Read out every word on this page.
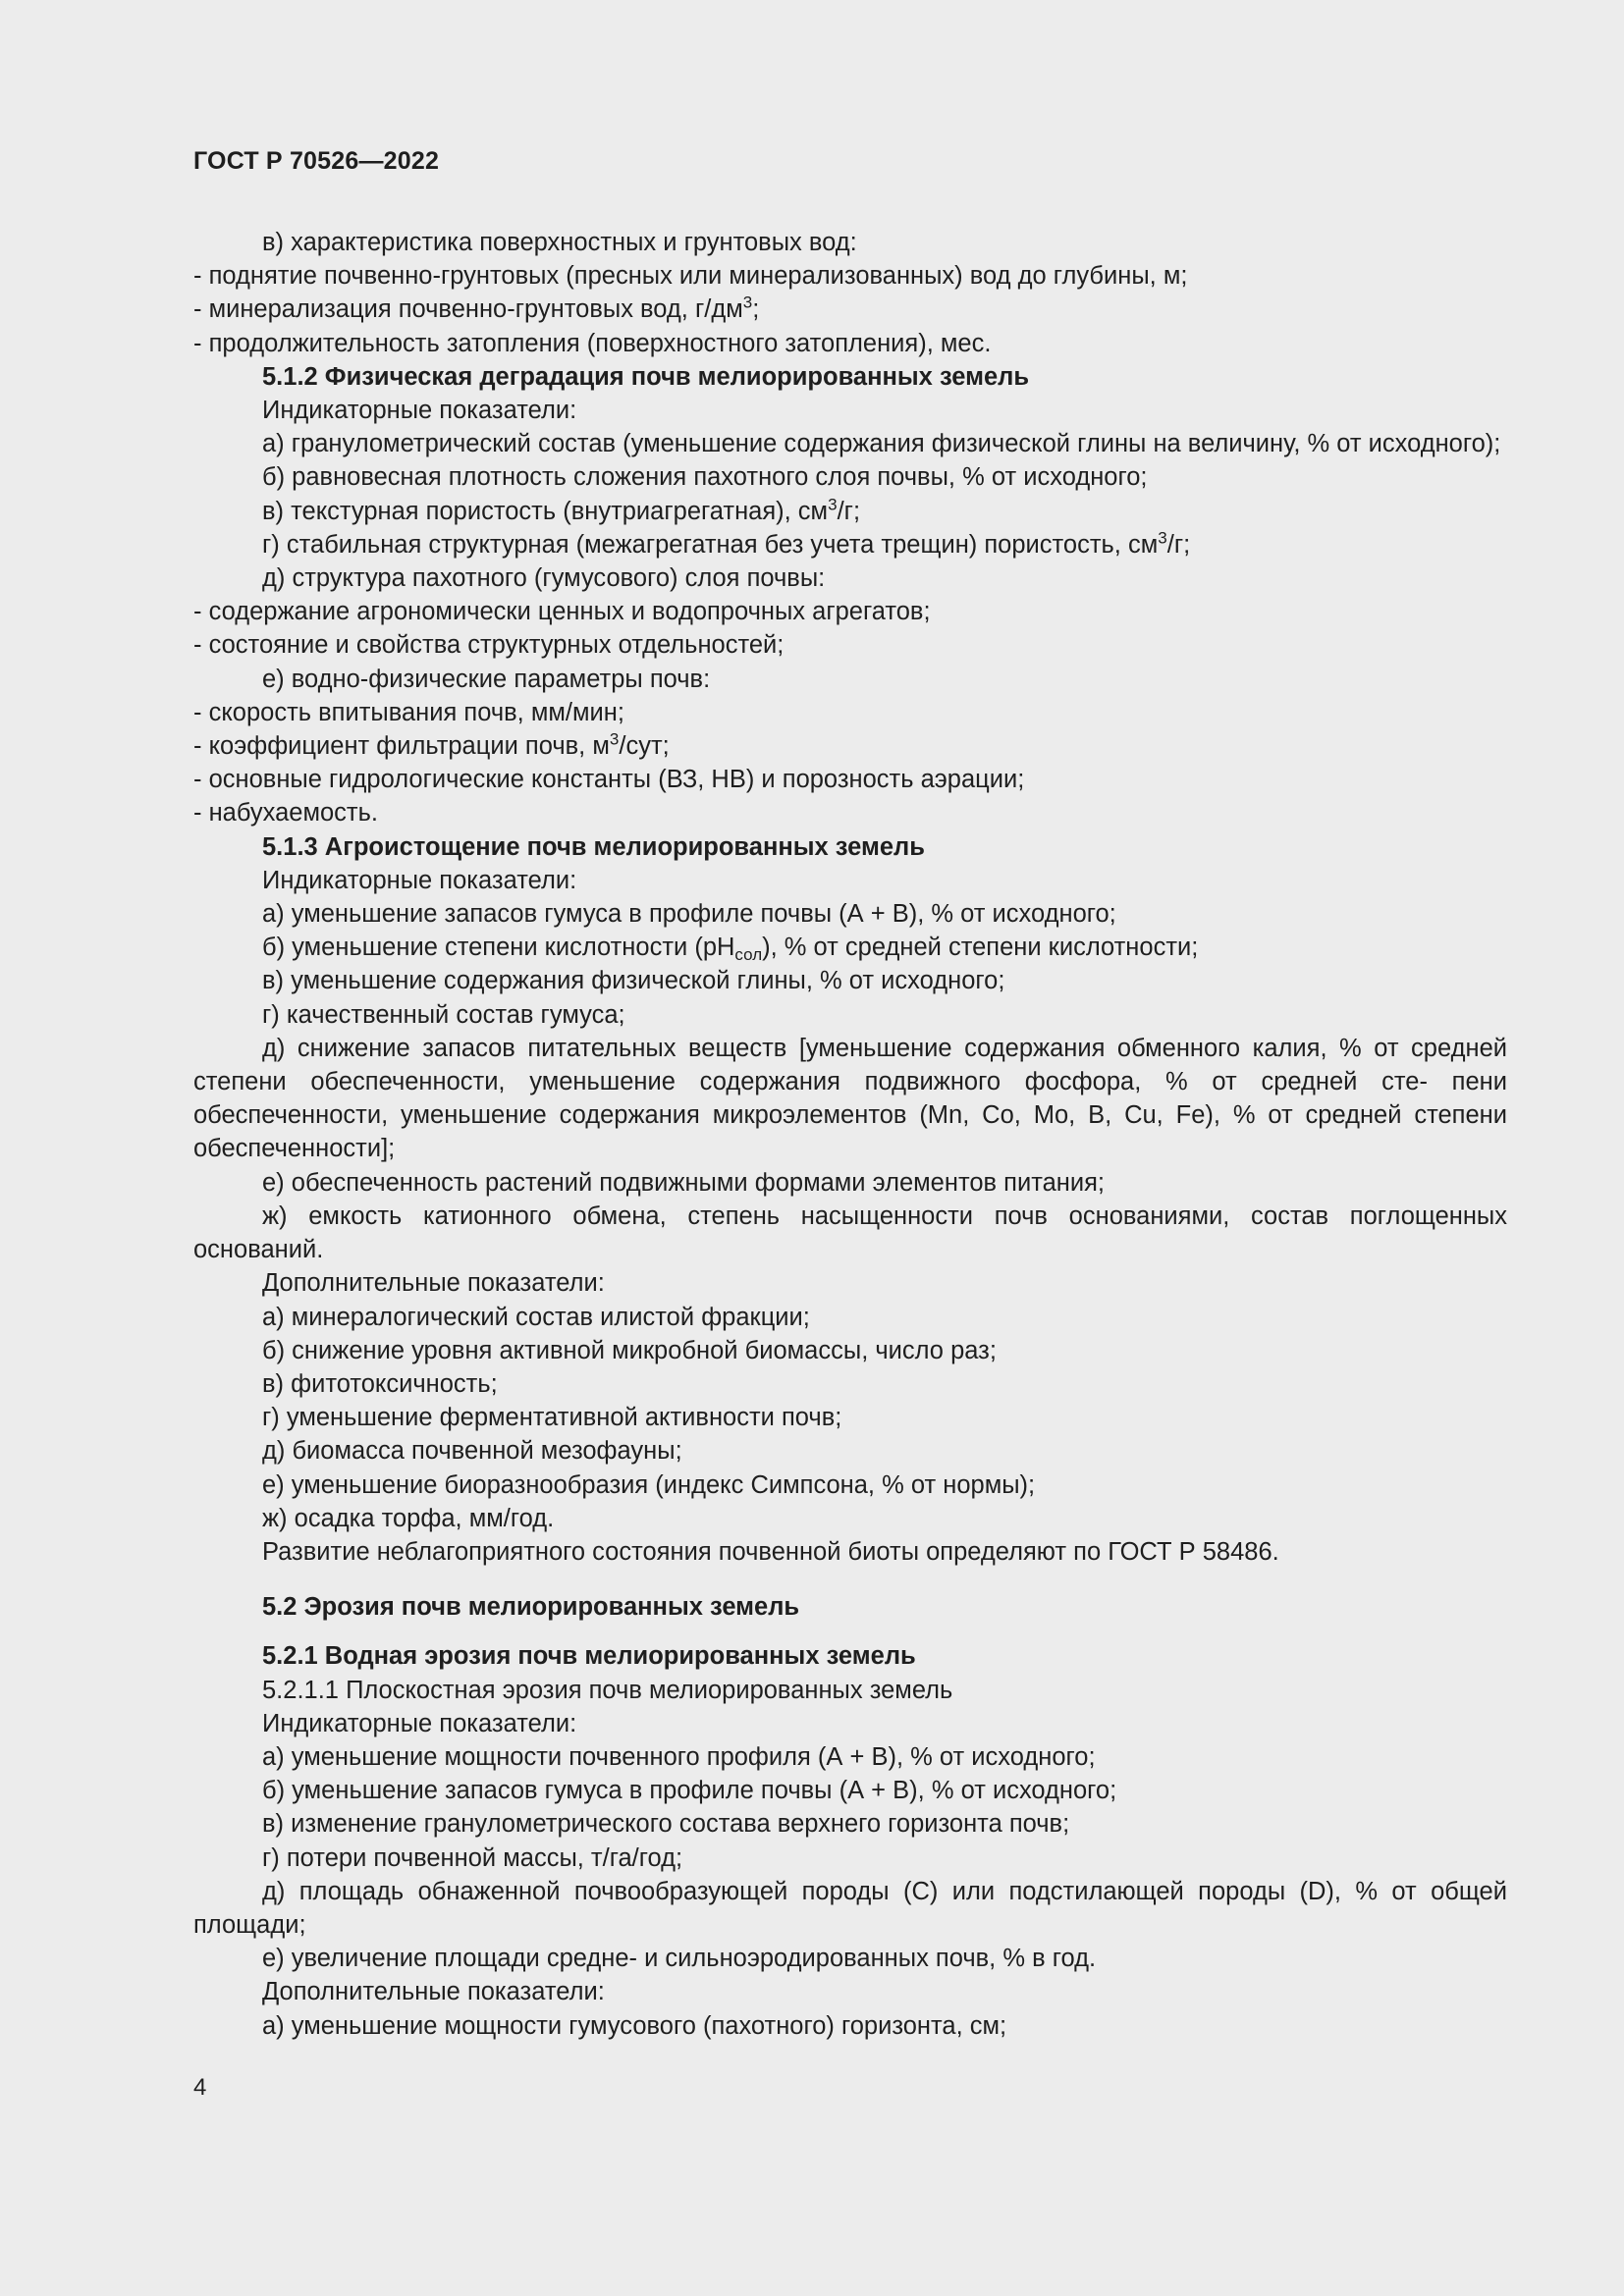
ГОСТ Р 70526—2022
в) характеристика поверхностных и грунтовых вод:
- поднятие почвенно-грунтовых (пресных или минерализованных) вод до глубины, м;
- минерализация почвенно-грунтовых вод, $г/дм^3$;
- продолжительность затопления (поверхностного затопления), мес.
5.1.2 Физическая деградация почв мелиорированных земель
Индикаторные показатели:
а) гранулометрический состав (уменьшение содержания физической глины на величину, % от исходного);
б) равновесная плотность сложения пахотного слоя почвы, % от исходного;
в) текстурная пористость (внутриагрегатная), $см^3/г$;
г) стабильная структурная (межагрегатная без учета трещин) пористость, $см^3/г$;
д) структура пахотного (гумусового) слоя почвы:
- содержание агрономически ценных и водопрочных агрегатов;
- состояние и свойства структурных отдельностей;
е) водно-физические параметры почв:
- скорость впитывания почв, мм/мин;
- коэффициент фильтрации почв, $м^3$/сут;
- основные гидрологические константы (ВЗ, НВ) и порозность аэрации;
- набухаемость.
5.1.3 Агроистощение почв мелиорированных земель
Индикаторные показатели:
а) уменьшение запасов гумуса в профиле почвы (А + В), % от исходного;
б) уменьшение степени кислотности $(рН_{сол})$, % от средней степени кислотности;
в) уменьшение содержания физической глины, % от исходного;
г) качественный состав гумуса;
д) снижение запасов питательных веществ [уменьшение содержания обменного калия, % от средней степени обеспеченности, уменьшение содержания подвижного фосфора, % от средней сте- пени обеспеченности, уменьшение содержания микроэлементов (Mn, Co, Mo, B, Cu, Fe), % от средней степени обеспеченности];
е) обеспеченность растений подвижными формами элементов питания;
ж) емкость катионного обмена, степень насыщенности почв основаниями, состав поглощенных оснований.
Дополнительные показатели:
а) минералогический состав илистой фракции;
б) снижение уровня активной микробной биомассы, число раз;
в) фитотоксичность;
г) уменьшение ферментативной активности почв;
д) биомасса почвенной мезофауны;
е) уменьшение биоразнообразия (индекс Симпсона, % от нормы);
ж) осадка торфа, мм/год.
Развитие неблагоприятного состояния почвенной биоты определяют по ГОСТ Р 58486.
5.2 Эрозия почв мелиорированных земель
5.2.1 Водная эрозия почв мелиорированных земель
5.2.1.1 Плоскостная эрозия почв мелиорированных земель
Индикаторные показатели:
а) уменьшение мощности почвенного профиля (А + В), % от исходного;
б) уменьшение запасов гумуса в профиле почвы (А + В), % от исходного;
в) изменение гранулометрического состава верхнего горизонта почв;
г) потери почвенной массы, т/га/год;
д) площадь обнаженной почвообразующей породы (С) или подстилающей породы (D), % от общей площади;
е) увеличение площади средне- и сильноэродированных почв, % в год.
Дополнительные показатели:
а) уменьшение мощности гумусового (пахотного) горизонта, см;
4
